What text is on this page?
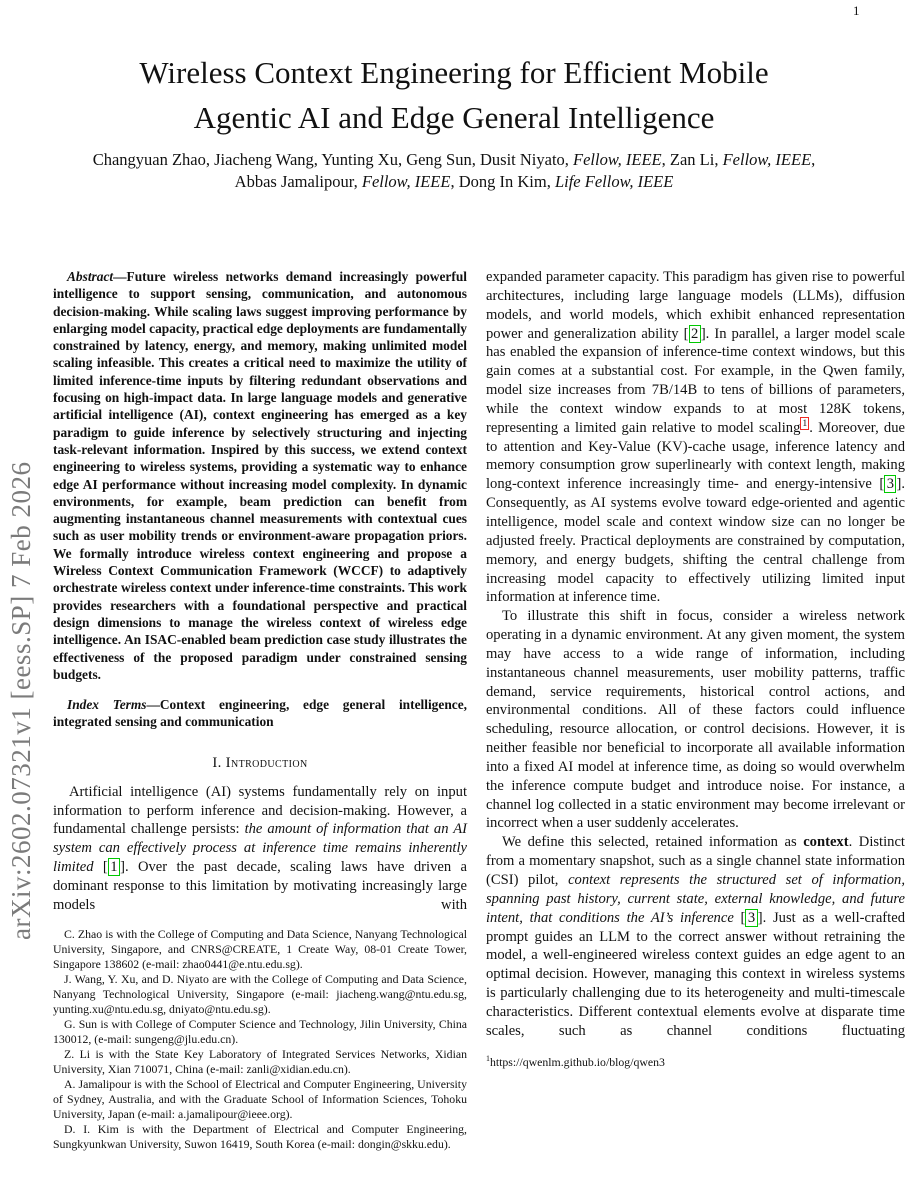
1
arXiv:2602.07321v1 [eess.SP] 7 Feb 2026
Wireless Context Engineering for Efficient Mobile
Agentic AI and Edge General Intelligence
Changyuan Zhao, Jiacheng Wang, Yunting Xu, Geng Sun, Dusit Niyato, Fellow, IEEE, Zan Li, Fellow, IEEE,
Abbas Jamalipour, Fellow, IEEE, Dong In Kim, Life Fellow, IEEE

Abstract—Future wireless networks demand increasingly powerful intelligence to support sensing, communication, and autonomous decision-making. While scaling laws suggest improving performance by enlarging model capacity, practical edge deployments are fundamentally constrained by latency, energy, and memory, making unlimited model scaling infeasible. This creates a critical need to maximize the utility of limited inference-time inputs by filtering redundant observations and focusing on high-impact data. In large language models and generative artificial intelligence (AI), context engineering has emerged as a key paradigm to guide inference by selectively structuring and injecting task-relevant information. Inspired by this success, we extend context engineering to wireless systems, providing a systematic way to enhance edge AI performance without increasing model complexity. In dynamic environments, for example, beam prediction can benefit from augmenting instantaneous channel measurements with contextual cues such as user mobility trends or environment-aware propagation priors. We formally introduce wireless context engineering and propose a Wireless Context Communication Framework (WCCF) to adaptively orchestrate wireless context under inference-time constraints. This work provides researchers with a foundational perspective and practical design dimensions to manage the wireless context of wireless edge intelligence. An ISAC-enabled beam prediction case study illustrates the effectiveness of the proposed paradigm under constrained sensing budgets.

Index Terms—Context engineering, edge general intelligence, integrated sensing and communication

I. Introduction

Artificial intelligence (AI) systems fundamentally rely on input information to perform inference and decision-making. However, a fundamental challenge persists: the amount of information that an AI system can effectively process at inference time remains inherently limited [ 1 ]. Over the past decade, scaling laws have driven a dominant response to this limitation by motivating increasingly large models with

C. Zhao is with the College of Computing and Data Science, Nanyang Technological University, Singapore, and CNRS@CREATE, 1 Create Way, 08-01 Create Tower, Singapore 138602 (e-mail: zhao0441@e.ntu.edu.sg).

J. Wang, Y. Xu, and D. Niyato are with the College of Computing and Data Science, Nanyang Technological University, Singapore (e-mail: jiacheng.wang@ntu.edu.sg, yunting.xu@ntu.edu.sg, dniyato@ntu.edu.sg).

G. Sun is with College of Computer Science and Technology, Jilin University, China 130012, (e-mail: sungeng@jlu.edu.cn).

Z. Li is with the State Key Laboratory of Integrated Services Networks, Xidian University, Xian 710071, China (e-mail: zanli@xidian.edu.cn).

A. Jamalipour is with the School of Electrical and Computer Engineering, University of Sydney, Australia, and with the Graduate School of Information Sciences, Tohoku University, Japan (e-mail: a.jamalipour@ieee.org).

D. I. Kim is with the Department of Electrical and Computer Engineering, Sungkyunkwan University, Suwon 16419, South Korea (e-mail: dongin@skku.edu).

expanded parameter capacity. This paradigm has given rise to powerful architectures, including large language models (LLMs), diffusion models, and world models, which exhibit enhanced representation power and generalization ability [ 2 ]. In parallel, a larger model scale has enabled the expansion of inference-time context windows, but this gain comes at a substantial cost. For example, in the Qwen family, model size increases from 7B/14B to tens of billions of parameters, while the context window expands to at most 128K tokens, representing a limited gain relative to model scaling $^1$ . Moreover, due to attention and Key-Value (KV)-cache usage, inference latency and memory consumption grow superlinearly with context length, making long-context inference increasingly time- and energy-intensive [ 3 ]. Consequently, as AI systems evolve toward edge-oriented and agentic intelligence, model scale and context window size can no longer be adjusted freely. Practical deployments are constrained by computation, memory, and energy budgets, shifting the central challenge from increasing model capacity to effectively utilizing limited input information at inference time.

To illustrate this shift in focus, consider a wireless network operating in a dynamic environment. At any given moment, the system may have access to a wide range of information, including instantaneous channel measurements, user mobility patterns, traffic demand, service requirements, historical control actions, and environmental conditions. All of these factors could influence scheduling, resource allocation, or control decisions. However, it is neither feasible nor beneficial to incorporate all available information into a fixed AI model at inference time, as doing so would overwhelm the inference compute budget and introduce noise. For instance, a channel log collected in a static environment may become irrelevant or incorrect when a user suddenly accelerates.

We define this selected, retained information as context. Distinct from a momentary snapshot, such as a single channel state information (CSI) pilot, context represents the structured set of information, spanning past history, current state, external knowledge, and future intent, that conditions the AI’s inference [ 3 ]. Just as a well-crafted prompt guides an LLM to the correct answer without retraining the model, a well-engineered wireless context guides an edge agent to an optimal decision. However, managing this context in wireless systems is particularly challenging due to its heterogeneity and multi-timescale characteristics. Different contextual elements evolve at disparate time scales, such as channel conditions fluctuating

$^1$https://qwenlm.github.io/blog/qwen3
